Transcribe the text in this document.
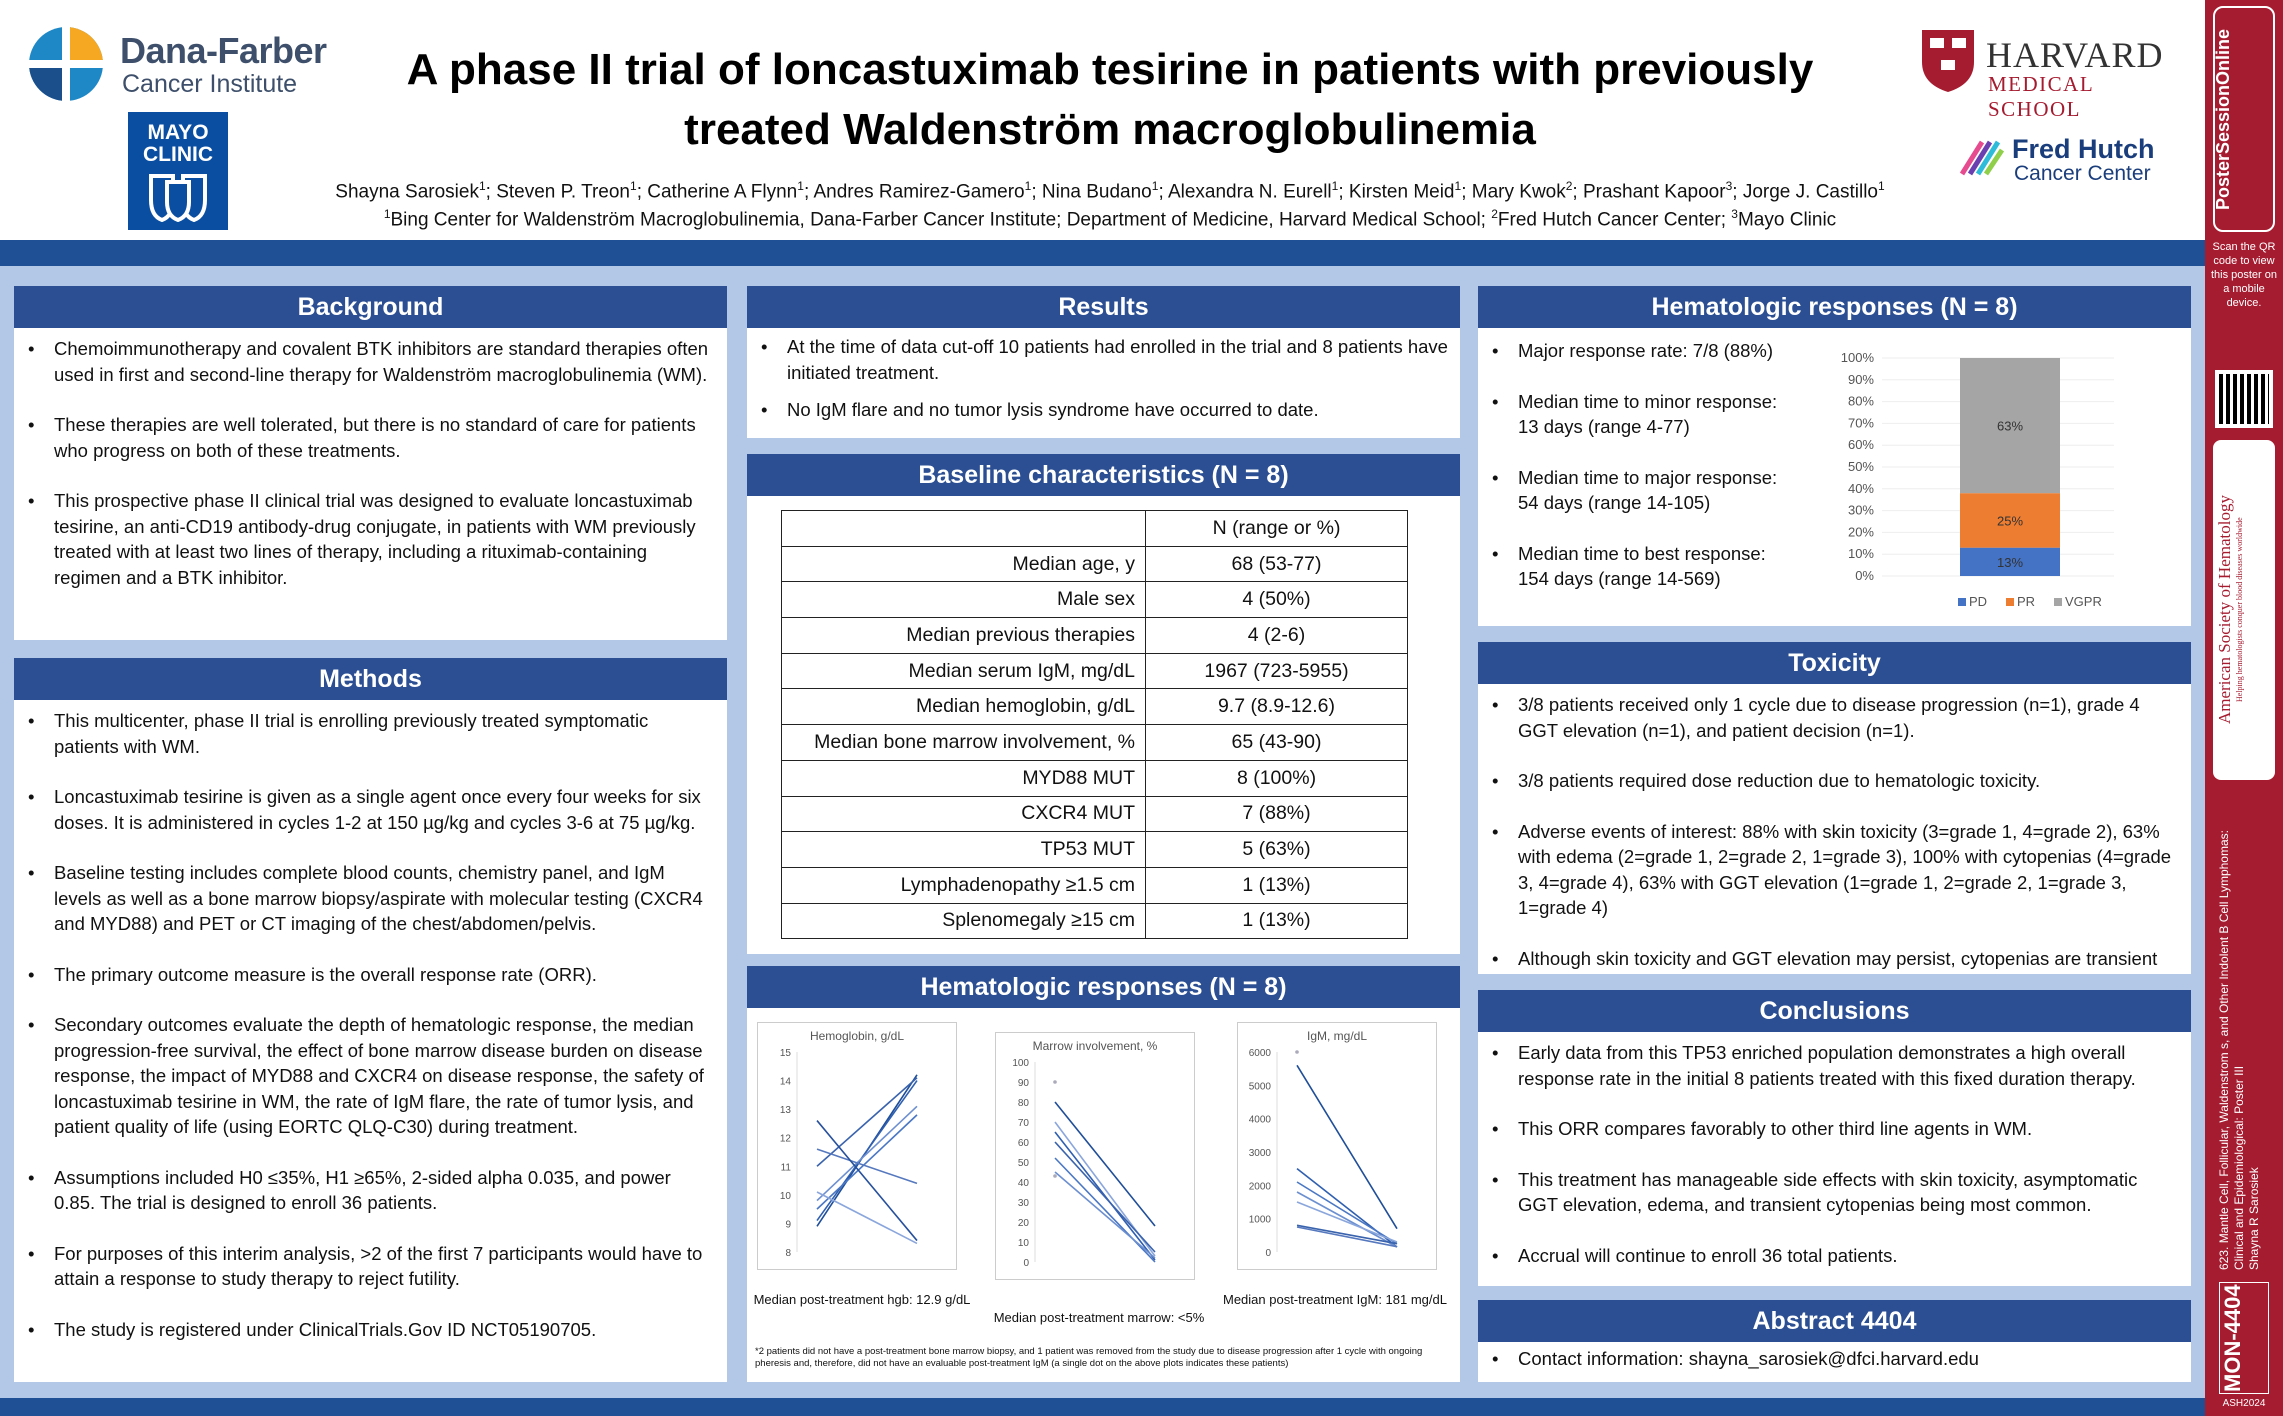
Dana-Farber
Cancer Institute
MAYO
CLINIC
A phase II trial of loncastuximab tesirine in patients with previously treated Waldenström macroglobulinemia
Shayna Sarosiek$^1$; Steven P. Treon$^1$; Catherine A Flynn$^1$; Andres Ramirez-Gamero$^1$; Nina Budano$^1$; Alexandra N. Eurell$^1$; Kirsten Meid$^1$; Mary Kwok$^2$; Prashant Kapoor$^3$; Jorge J. Castillo$^1$
$^1$Bing Center for Waldenström Macroglobulinemia, Dana-Farber Cancer Institute; Department of Medicine, Harvard Medical School; $^2$Fred Hutch Cancer Center; $^3$Mayo Clinic
HARVARD
MEDICAL SCHOOL
Fred Hutch
Cancer Center
Background
• Chemoimmunotherapy and covalent BTK inhibitors are standard therapies often used in first and second-line therapy for Waldenström macroglobulinemia (WM).
• These therapies are well tolerated, but there is no standard of care for patients who progress on both of these treatments.
• This prospective phase II clinical trial was designed to evaluate loncastuximab tesirine, an anti-CD19 antibody-drug conjugate, in patients with WM previously treated with at least two lines of therapy, including a rituximab-containing regimen and a BTK inhibitor.
Methods
• This multicenter, phase II trial is enrolling previously treated symptomatic patients with WM.
• Loncastuximab tesirine is given as a single agent once every four weeks for six doses. It is administered in cycles 1-2 at 150 µg/kg and cycles 3-6 at 75 µg/kg.
• Baseline testing includes complete blood counts, chemistry panel, and IgM levels as well as a bone marrow biopsy/aspirate with molecular testing (CXCR4 and MYD88) and PET or CT imaging of the chest/abdomen/pelvis.
• The primary outcome measure is the overall response rate (ORR).
• Secondary outcomes evaluate the depth of hematologic response, the median progression-free survival, the effect of bone marrow disease burden on disease response, the impact of MYD88 and CXCR4 on disease response, the safety of loncastuximab tesirine in WM, the rate of IgM flare, the rate of tumor lysis, and patient quality of life (using EORTC QLQ-C30) during treatment.
• Assumptions included H0 ≤35%, H1 ≥65%, 2-sided alpha 0.035, and power 0.85. The trial is designed to enroll 36 patients.
• For purposes of this interim analysis, >2 of the first 7 participants would have to attain a response to study therapy to reject futility.
• The study is registered under ClinicalTrials.Gov ID NCT05190705.
Results
• At the time of data cut-off 10 patients had enrolled in the trial and 8 patients have initiated treatment.
• No IgM flare and no tumor lysis syndrome have occurred to date.
Baseline characteristics (N = 8)
	N (range or %)
Median age, y	68 (53-77)
Male sex	4 (50%)
Median previous therapies	4 (2-6)
Median serum IgM, mg/dL	1967 (723-5955)
Median hemoglobin, g/dL	9.7 (8.9-12.6)
Median bone marrow involvement, %	65 (43-90)
MYD88 MUT	8 (100%)
CXCR4 MUT	7 (88%)
TP53 MUT	5 (63%)
Lymphadenopathy ≥1.5 cm	1 (13%)
Splenomegaly ≥15 cm	1 (13%)
Hematologic responses (N = 8)
Hemoglobin, g/dL
8
9
10
11
12
13
14
15
Marrow involvement, %
0
10
20
30
40
50
60
70
80
90
100
IgM, mg/dL
0
1000
2000
3000
4000
5000
6000
Median post-treatment hgb: 12.9 g/dL
Median post-treatment marrow: <5%
Median post-treatment IgM: 181 mg/dL
*2 patients did not have a post-treatment bone marrow biopsy, and 1 patient was removed from the study due to disease progression after 1 cycle with ongoing pheresis and, therefore, did not have an evaluable post-treatment IgM (a single dot on the above plots indicates these patients)
Hematologic responses (N = 8)
• Major response rate: 7/8 (88%)
• Median time to minor response:
13 days (range 4-77)
• Median time to major response:
54 days (range 14-105)
• Median time to best response:
154 days (range 14-569)	0%
10%
20%
30%
40%
50%
60%
70%
80%
90%
100%
13%
25%
63%
PD PR VGPR
Toxicity
• 3/8 patients received only 1 cycle due to disease progression (n=1), grade 4 GGT elevation (n=1), and patient decision (n=1).
• 3/8 patients required dose reduction due to hematologic toxicity.
• Adverse events of interest: 88% with skin toxicity (3=grade 1, 4=grade 2), 63% with edema (2=grade 1, 2=grade 2, 1=grade 3), 100% with cytopenias (4=grade 3, 4=grade 4), 63% with GGT elevation (1=grade 1, 2=grade 2, 1=grade 3, 1=grade 4)
• Although skin toxicity and GGT elevation may persist, cytopenias are transient
Conclusions
• Early data from this TP53 enriched population demonstrates a high overall response rate in the initial 8 patients treated with this fixed duration therapy.
• This ORR compares favorably to other third line agents in WM.
• This treatment has manageable side effects with skin toxicity, asymptomatic GGT elevation, edema, and transient cytopenias being most common.
• Accrual will continue to enroll 36 total patients.
Abstract 4404
• Contact information: shayna_sarosiek@dfci.harvard.edu
PosterSessionOnline
Scan the QR code to view this poster on a mobile device.
American Society of Hematology Helping hematologists conquer blood diseases worldwide
623. Mantle Cell, Follicular, Waldenstrom s, and Other Indolent B Cell Lymphomas: Clinical and Epidemiological: Poster III
Shayna R Sarosiek
MON-4404
ASH2024
